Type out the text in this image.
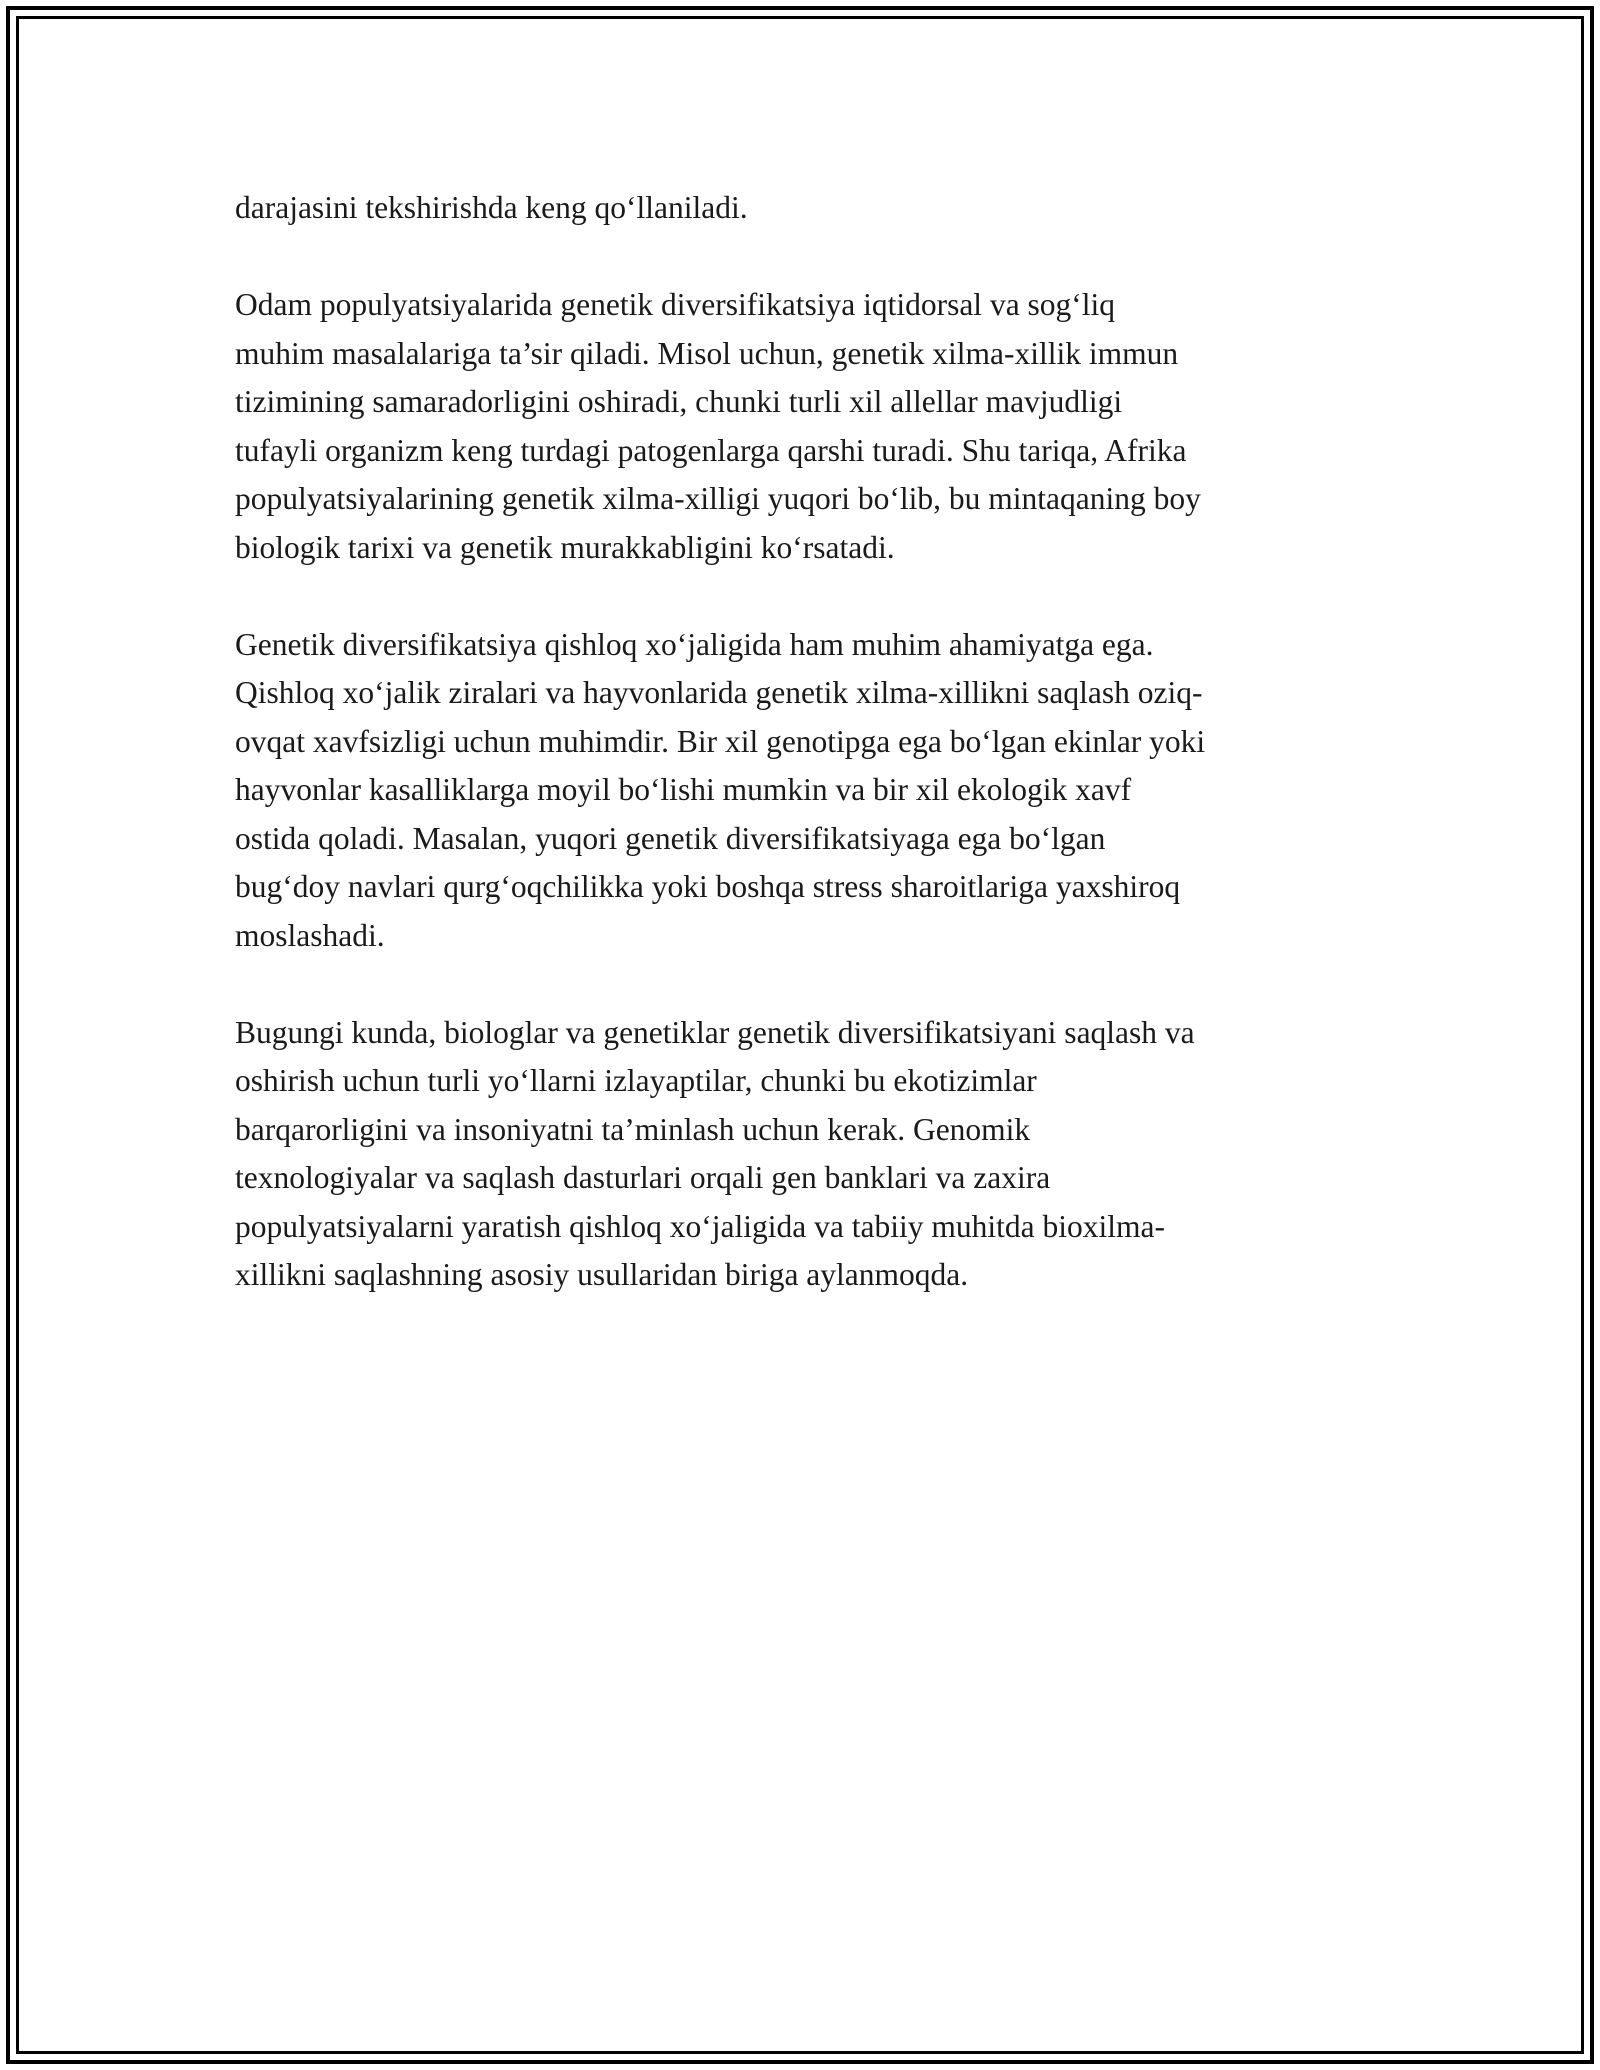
darajasini tekshirishda keng qo‘llaniladi.
Odam populyatsiyalarida genetik diversifikatsiya iqtidorsal va sog‘liq
muhim masalalariga ta’sir qiladi. Misol uchun, genetik xilma-xillik immun
tizimining samaradorligini oshiradi, chunki turli xil allellar mavjudligi
tufayli organizm keng turdagi patogenlarga qarshi turadi. Shu tariqa, Afrika
populyatsiyalarining genetik xilma-xilligi yuqori bo‘lib, bu mintaqaning boy
biologik tarixi va genetik murakkabligini ko‘rsatadi.
Genetik diversifikatsiya qishloq xo‘jaligida ham muhim ahamiyatga ega.
Qishloq xo‘jalik ziralari va hayvonlarida genetik xilma-xillikni saqlash oziq-
ovqat xavfsizligi uchun muhimdir. Bir xil genotipga ega bo‘lgan ekinlar yoki
hayvonlar kasalliklarga moyil bo‘lishi mumkin va bir xil ekologik xavf
ostida qoladi. Masalan, yuqori genetik diversifikatsiyaga ega bo‘lgan
bug‘doy navlari qurg‘oqchilikka yoki boshqa stress sharoitlariga yaxshiroq
moslashadi.
Bugungi kunda, biologlar va genetiklar genetik diversifikatsiyani saqlash va
oshirish uchun turli yo‘llarni izlayaptilar, chunki bu ekotizimlar
barqarorligini va insoniyatni ta’minlash uchun kerak. Genomik
texnologiyalar va saqlash dasturlari orqali gen banklari va zaxira
populyatsiyalarni yaratish qishloq xo‘jaligida va tabiiy muhitda bioxilma-
xillikni saqlashning asosiy usullaridan biriga aylanmoqda.
